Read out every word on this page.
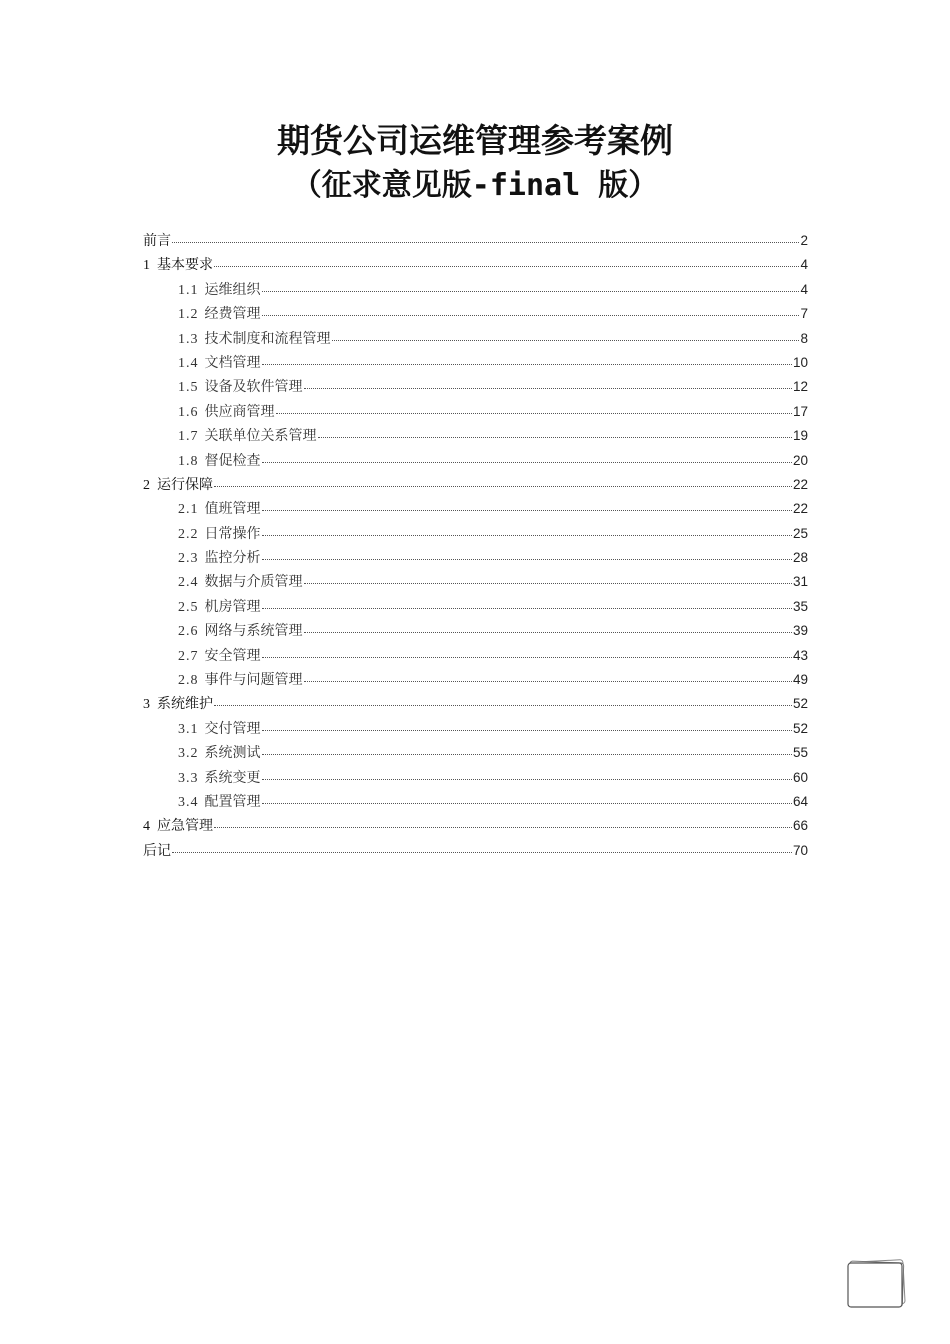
期货公司运维管理参考案例
（征求意见版-final 版）
前言	2
1 基本要求	4
1.1 运维组织	4
1.2 经费管理	7
1.3 技术制度和流程管理	8
1.4 文档管理	10
1.5 设备及软件管理	12
1.6 供应商管理	17
1.7 关联单位关系管理	19
1.8 督促检查	20
2 运行保障	22
2.1 值班管理	22
2.2 日常操作	25
2.3 监控分析	28
2.4 数据与介质管理	31
2.5 机房管理	35
2.6 网络与系统管理	39
2.7 安全管理	43
2.8 事件与问题管理	49
3 系统维护	52
3.1 交付管理	52
3.2 系统测试	55
3.3 系统变更	60
3.4 配置管理	64
4 应急管理	66
后记	70
